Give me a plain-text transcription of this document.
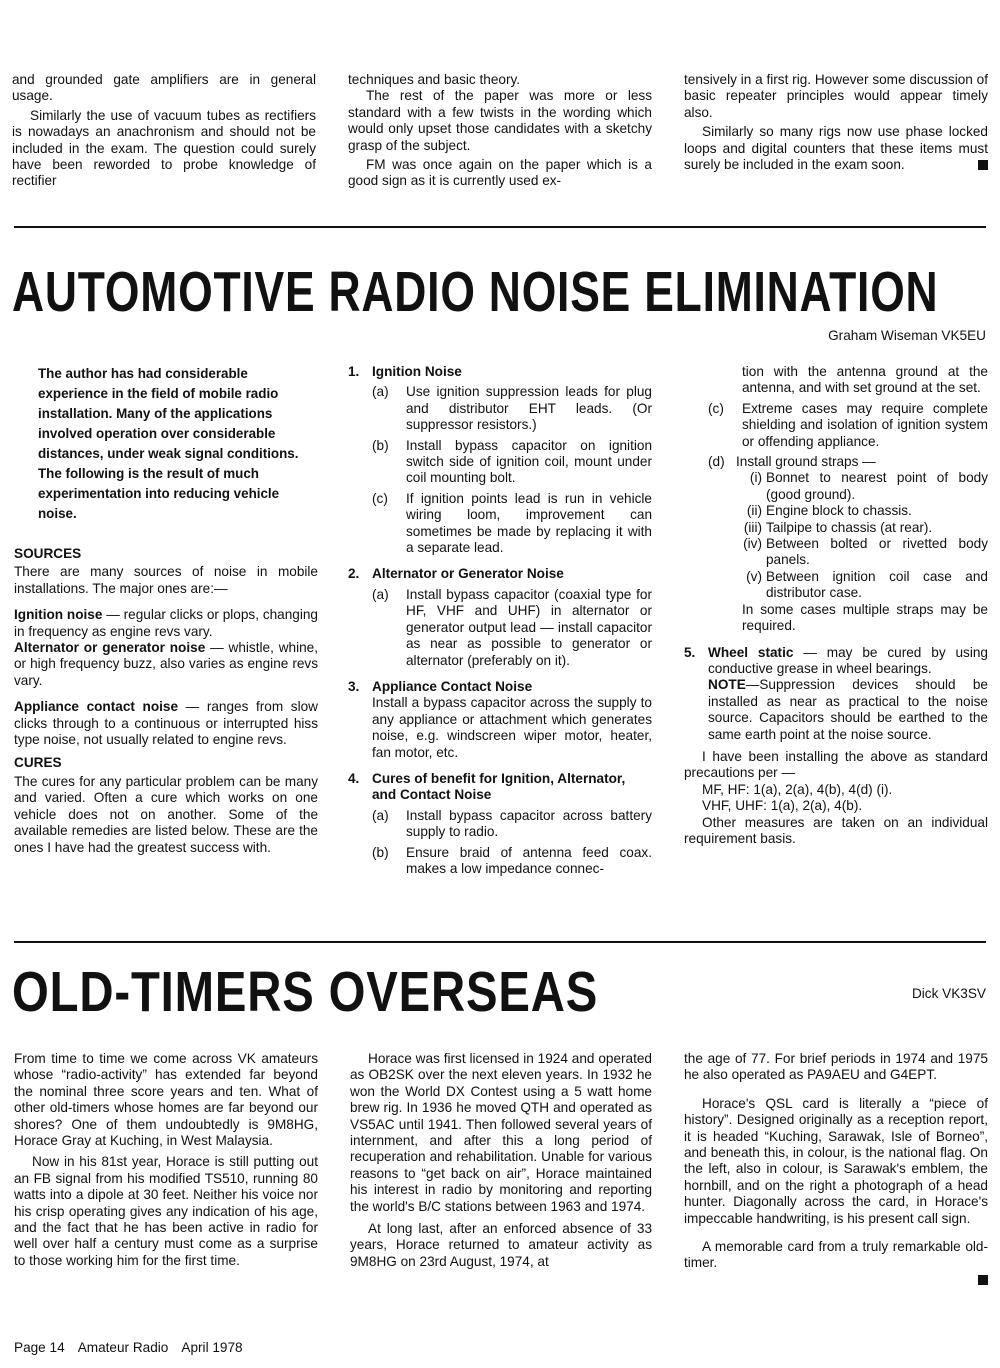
and grounded gate amplifiers are in general usage.

Similarly the use of vacuum tubes as rectifiers is nowadays an anachronism and should not be included in the exam. The question could surely have been reworded to probe knowledge of rectifier

techniques and basic theory.

The rest of the paper was more or less standard with a few twists in the wording which would only upset those candidates with a sketchy grasp of the subject.

FM was once again on the paper which is a good sign as it is currently used ex-

tensively in a first rig. However some discussion of basic repeater principles would appear timely also.

Similarly so many rigs now use phase locked loops and digital counters that these items must surely be included in the exam soon.

AUTOMOTIVE RADIO NOISE ELIMINATION
Graham Wiseman VK5EU

The author has had considerable experience in the field of mobile radio installation. Many of the applications involved operation over considerable distances, under weak signal conditions. The following is the result of much experimentation into reducing vehicle noise.

SOURCES

There are many sources of noise in mobile installations. The major ones are:—

Ignition noise — regular clicks or plops, changing in frequency as engine revs vary.

Alternator or generator noise — whistle, whine, or high frequency buzz, also varies as engine revs vary.

Appliance contact noise — ranges from slow clicks through to a continuous or interrupted hiss type noise, not usually related to engine revs.

CURES

The cures for any particular problem can be many and varied. Often a cure which works on one vehicle does not on another. Some of the available remedies are listed below. These are the ones I have had the greatest success with.

1. Ignition Noise
(a)	Use ignition suppression leads for plug and distributor EHT leads. (Or suppressor resistors.)
(b)	Install bypass capacitor on ignition switch side of ignition coil, mount under coil mounting bolt.
(c)	If ignition points lead is run in vehicle wiring loom, improvement can sometimes be made by replacing it with a separate lead.
2. Alternator or Generator Noise
(a)	Install bypass capacitor (coaxial type for HF, VHF and UHF) in alternator or generator output lead — install capacitor as near as possible to generator or alternator (preferably on it).
3. Appliance Contact Noise

Install a bypass capacitor across the supply to any appliance or attachment which generates noise, e.g. windscreen wiper motor, heater, fan motor, etc.

4. Cures of benefit for Ignition, Alternator, and Contact Noise
(a)	Install bypass capacitor across battery supply to radio.
(b)	Ensure braid of antenna feed coax. makes a low impedance connec-

tion with the antenna ground at the antenna, and with set ground at the set.

(c)	Extreme cases may require complete shielding and isolation of ignition system or offending appliance.
(d) Install ground straps —
(i) Bonnet to nearest point of body (good ground).
(ii) Engine block to chassis.
(iii) Tailpipe to chassis (at rear).
(iv) Between bolted or rivetted body panels.
(v) Between ignition coil case and distributor case.

In some cases multiple straps may be required.

5. Wheel static — may be cured by using conductive grease in wheel bearings.

NOTE—Suppression devices should be installed as near as practical to the noise source. Capacitors should be earthed to the same earth point at the noise source.

I have been installing the above as standard precautions per —

MF, HF: 1(a), 2(a), 4(b), 4(d) (i).

VHF, UHF: 1(a), 2(a), 4(b).

Other measures are taken on an individual requirement basis.

OLD-TIMERS OVERSEAS	Dick VK3SV

From time to time we come across VK amateurs whose “radio-activity” has extended far beyond the nominal three score years and ten. What of other old-timers whose homes are far beyond our shores? One of them undoubtedly is 9M8HG, Horace Gray at Kuching, in West Malaysia.

Now in his 81st year, Horace is still putting out an FB signal from his modified TS510, running 80 watts into a dipole at 30 feet. Neither his voice nor his crisp operating gives any indication of his age, and the fact that he has been active in radio for well over half a century must come as a surprise to those working him for the first time.

Horace was first licensed in 1924 and operated as OB2SK over the next eleven years. In 1932 he won the World DX Contest using a 5 watt home brew rig. In 1936 he moved QTH and operated as VS5AC until 1941. Then followed several years of internment, and after this a long period of recuperation and rehabilitation. Unable for various reasons to “get back on air”, Horace maintained his interest in radio by monitoring and reporting the world's B/C stations between 1963 and 1974.

At long last, after an enforced absence of 33 years, Horace returned to amateur activity as 9M8HG on 23rd August, 1974, at

the age of 77. For brief periods in 1974 and 1975 he also operated as PA9AEU and G4EPT.

Horace's QSL card is literally a “piece of history”. Designed originally as a reception report, it is headed “Kuching, Sarawak, Isle of Borneo”, and beneath this, in colour, is the national flag. On the left, also in colour, is Sarawak's emblem, the hornbill, and on the right a photograph of a head hunter. Diagonally across the card, in Horace's impeccable handwriting, is his present call sign.

A memorable card from a truly remarkable old-timer.

Page 14 Amateur Radio April 1978
